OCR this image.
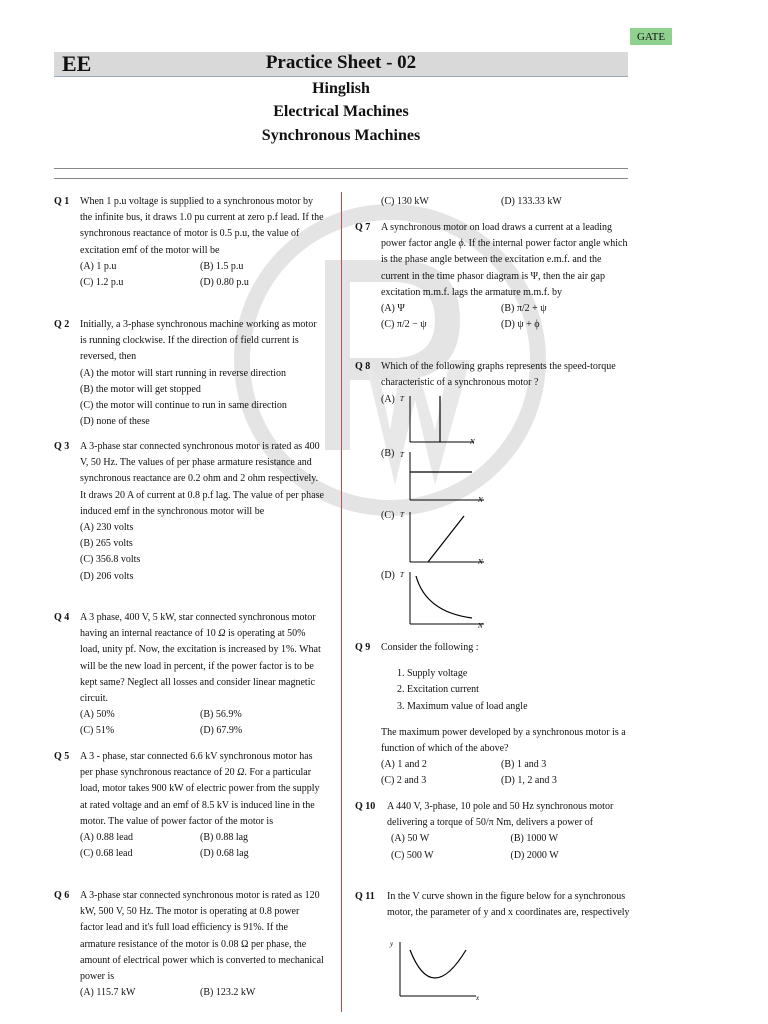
GATE
EE	Practice Sheet - 02
Hinglish
Electrical Machines
Synchronous Machines
Q 1 When 1 p.u voltage is supplied to a synchronous motor by the infinite bus, it draws 1.0 pu current at zero p.f lead. If the synchronous reactance of motor is 0.5 p.u, the value of excitation emf of the motor will be
(A) 1 p.u	(B) 1.5 p.u
(C) 1.2 p.u	(D) 0.80 p.u
Q 2 Initially, a 3-phase synchronous machine working as motor is running clockwise. If the direction of field current is reversed, then
(A) the motor will start running in reverse direction
(B) the motor will get stopped
(C) the motor will continue to run in same direction
(D) none of these
Q 3 A 3-phase star connected synchronous motor is rated as 400 V, 50 Hz. The values of per phase armature resistance and synchronous reactance are 0.2 ohm and 2 ohm respectively. It draws 20 A of current at 0.8 p.f lag. The value of per phase induced emf in the synchronous motor will be
(A) 230 volts
(B) 265 volts
(C) 356.8 volts
(D) 206 volts
Q 4 A 3 phase, 400 V, 5 kW, star connected synchronous motor having an internal reactance of 10 Ω is operating at 50% load, unity pf. Now, the excitation is increased by 1%. What will be the new load in percent, if the power factor is to be kept same? Neglect all losses and consider linear magnetic circuit.
(A) 50%	(B) 56.9%
(C) 51%	(D) 67.9%
Q 5 A 3 - phase, star connected 6.6 kV synchronous motor has per phase synchronous reactance of 20 Ω. For a particular load, motor takes 900 kW of electric power from the supply at rated voltage and an emf of 8.5 kV is induced line in the motor. The value of power factor of the motor is
(A) 0.88 lead	(B) 0.88 lag
(C) 0.68 lead	(D) 0.68 lag
Q 6 A 3-phase star connected synchronous motor is rated as 120 kW, 500 V, 50 Hz. The motor is operating at 0.8 power factor lead and it's full load efficiency is 91%. If the armature resistance of the motor is 0.08 Ω per phase, the amount of electrical power which is converted to mechanical power is
(A) 115.7 kW	(B) 123.2 kW
(C) 130 kW	(D) 133.33 kW
Q 7 A synchronous motor on load draws a current at a leading power factor angle ϕ. If the internal power factor angle which is the phase angle between the excitation e.m.f. and the current in the time phasor diagram is Ψ, then the air gap excitation m.m.f. lags the armature m.m.f. by
(A) Ψ	(B) π/2 + ψ
(C) π/2 − ψ	(D) ψ + ϕ
Q 8 Which of the following graphs represents the speed-torque characteristic of a synchronous motor ?
(A) T
N
(B) T
N
(C) T
N
(D) T
N
Q 9 Consider the following :
1. Supply voltage
2. Excitation current
3. Maximum value of load angle
The maximum power developed by a synchronous motor is a function of which of the above?
(A) 1 and 2	(B) 1 and 3
(C) 2 and 3	(D) 1, 2 and 3
Q 10 A 440 V, 3-phase, 10 pole and 50 Hz synchronous motor delivering a torque of 50/π Nm, delivers a power of
(A) 50 W	(B) 1000 W
(C) 500 W	(D) 2000 W
Q 11 In the V curve shown in the figure below for a synchronous motor, the parameter of y and x coordinates are, respectively
y
x
